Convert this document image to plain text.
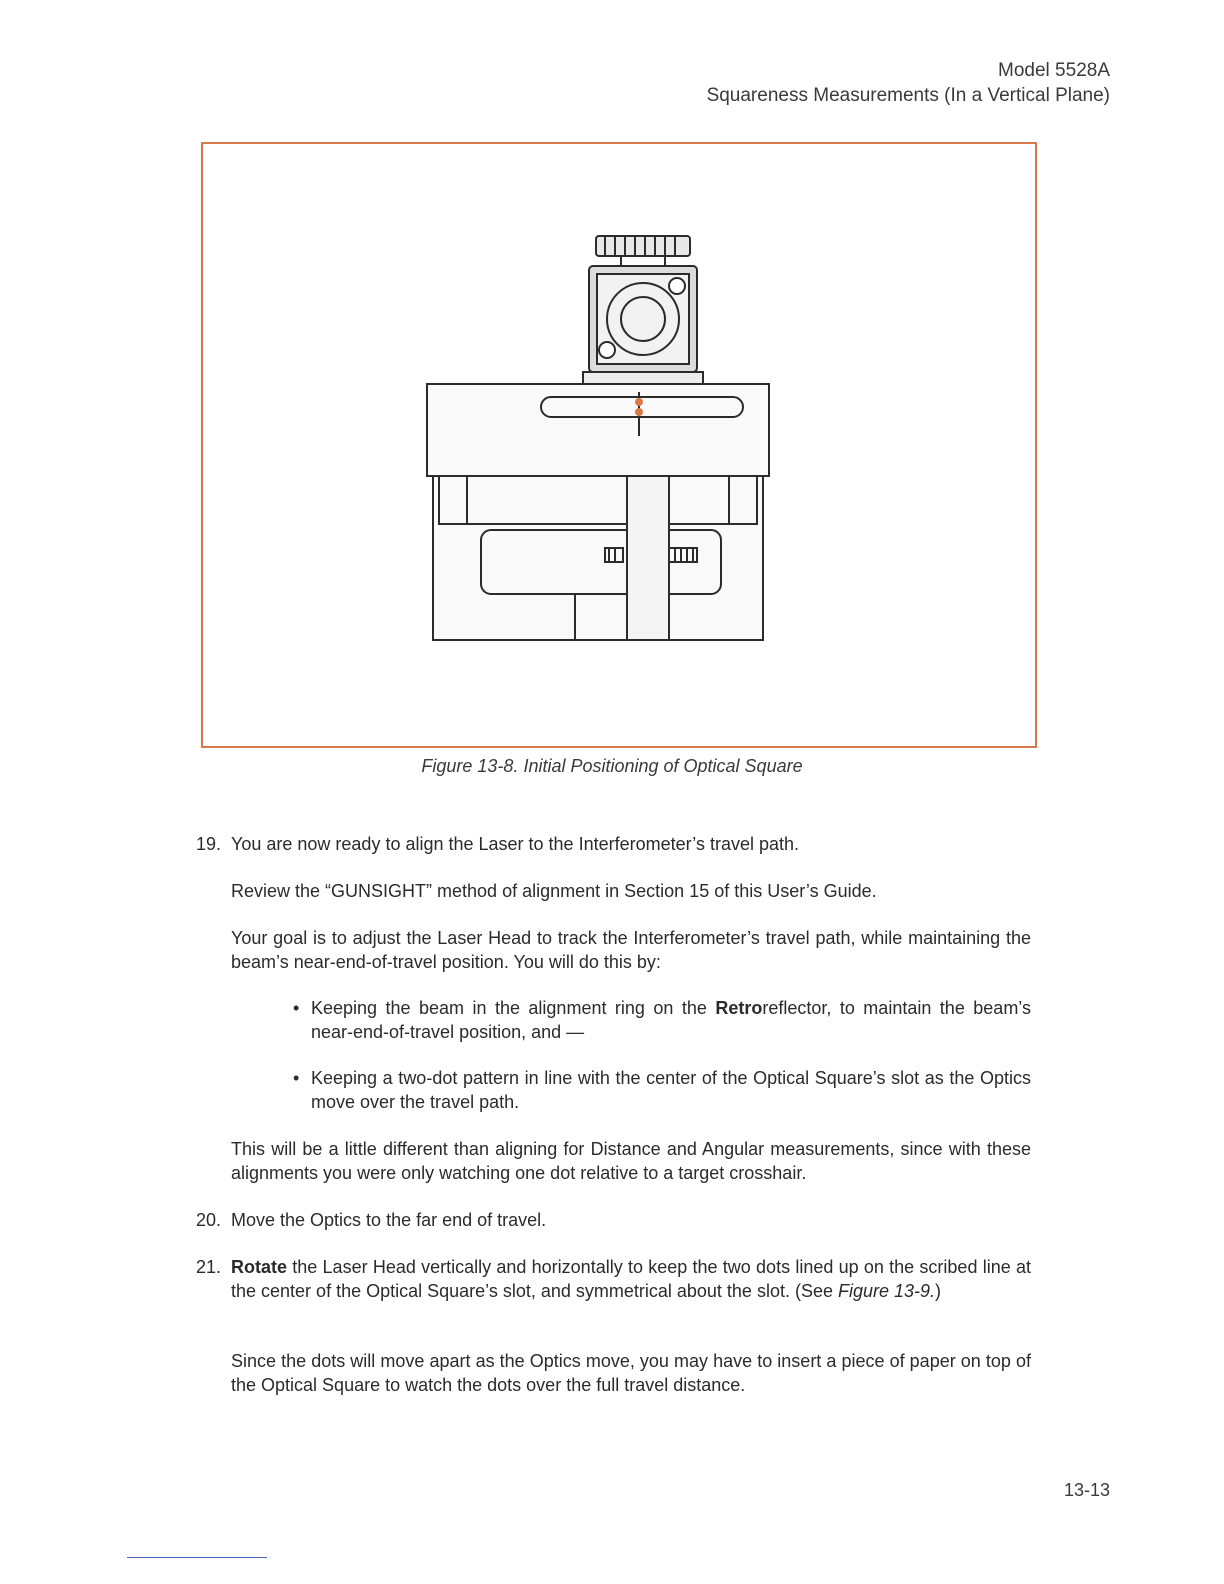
Model 5528A
Squareness Measurements (In a Vertical Plane)
Figure 13-8. Initial Positioning of Optical Square
19. You are now ready to align the Laser to the Interferometer’s travel path.
Review the “GUNSIGHT” method of alignment in Section 15 of this User’s Guide.
Your goal is to adjust the Laser Head to track the Interferometer’s travel path, while maintaining the beam’s near-end-of-travel position. You will do this by:
• Keeping the beam in the alignment ring on the Retroreflector, to maintain the beam’s near-end-of-travel position, and —
• Keeping a two-dot pattern in line with the center of the Optical Square’s slot as the Optics move over the travel path.
This will be a little different than aligning for Distance and Angular measurements, since with these alignments you were only watching one dot relative to a target crosshair.
20. Move the Optics to the far end of travel.
21. Rotate the Laser Head vertically and horizontally to keep the two dots lined up on the scribed line at the center of the Optical Square’s slot, and symmetrical about the slot. (See Figure 13-9.)
Since the dots will move apart as the Optics move, you may have to insert a piece of paper on top of the Optical Square to watch the dots over the full travel distance.
13-13
